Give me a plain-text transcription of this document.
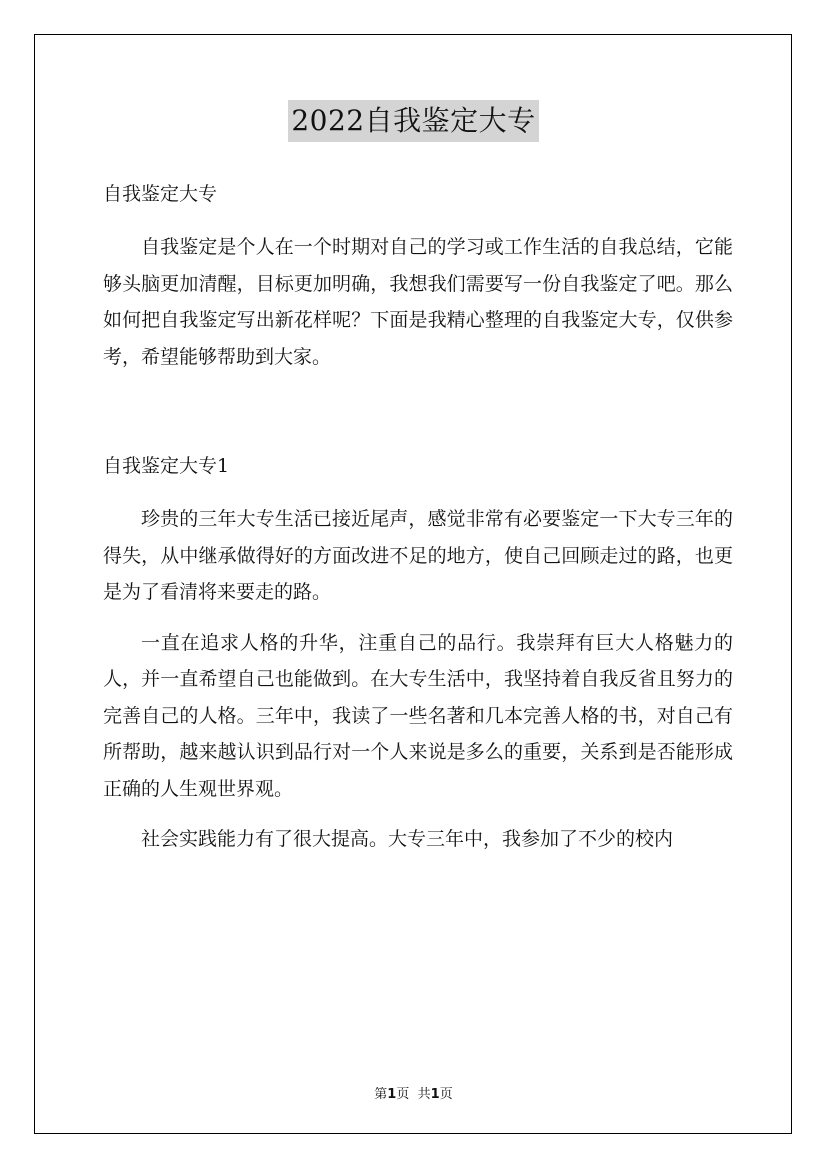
2022自我鉴定大专

自我鉴定大专

自我鉴定是个人在一个时期对自己的学习或工作生活的自我总结，它能够头脑更加清醒，目标更加明确，我想我们需要写一份自我鉴定了吧。那么如何把自我鉴定写出新花样呢？下面是我精心整理的自我鉴定大专，仅供参考，希望能够帮助到大家。

自我鉴定大专1

珍贵的三年大专生活已接近尾声，感觉非常有必要鉴定一下大专三年的得失，从中继承做得好的方面改进不足的地方，使自己回顾走过的路，也更是为了看清将来要走的路。

一直在追求人格的升华，注重自己的品行。我崇拜有巨大人格魅力的人，并一直希望自己也能做到。在大专生活中，我坚持着自我反省且努力的完善自己的人格。三年中，我读了一些名著和几本完善人格的书，对自己有所帮助，越来越认识到品行对一个人来说是多么的重要，关系到是否能形成正确的人生观世界观。

社会实践能力有了很大提高。大专三年中，我参加了不少的校内

第1页 共1页
